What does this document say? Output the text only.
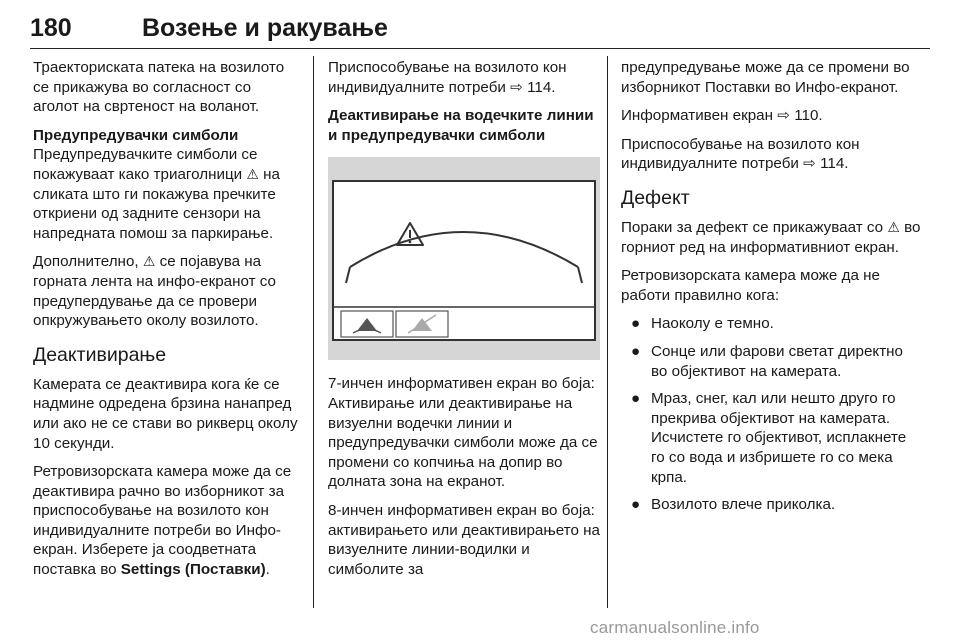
180	Возење и ракување

Траекториската патека на возилото се прикажува во согласност со аголот на свртеност на воланот.

Предупредувачки симболи

Предупредувачките симболи се покажуваат како триаголници ⚠ на сликата што ги покажува пречките откриени од задните сензори на напредната помош за паркирање.

Дополнително, ⚠ се појавува на горната лента на инфо-екранот со предупердување да се провери опкружувањето околу возилото.

Деактивирање

Камерата се деактивира кога ќе се надмине одредена брзина нанапред или ако не се стави во рикверц околу 10 секунди.

Ретровизорската камера може да се деактивира рачно во изборникот за приспособување на возилото кон индивидуалните потреби во Инфо-екран. Изберете ја соодветната поставка во Settings (Поставки).

Приспособување на возилото кон индивидуалните потреби ⇨ 114.

Деактивирање на водечките линии и предупредувачки симболи

7-инчен информативен екран во боја: Активирање или деактивирање на визуелни водечки линии и предупредувачки симболи може да се промени со копчиња на допир во долната зона на екранот.

8-инчен информативен екран во боја: активирањето или деактивирањето на визуелните линии-водилки и симболите за

предупредување може да се промени во изборникот Поставки во Инфо-екранот.

Информативен екран ⇨ 110.

Приспособување на возилото кон индивидуалните потреби ⇨ 114.

Дефект

Пораки за дефект се прикажуваат со ⚠ во горниот ред на информативниот екран.

Ретровизорската камера може да не работи правилно кога:

● Наоколу е темно.
● Сонце или фарови светат директно во објективот на камерата.
● Мраз, снег, кал или нешто друго го прекрива објективот на камерата. Исчистете го објективот, исплакнете го со вода и избришете го со мека крпа.
● Возилото влече приколка.
carmanualsonline.info
